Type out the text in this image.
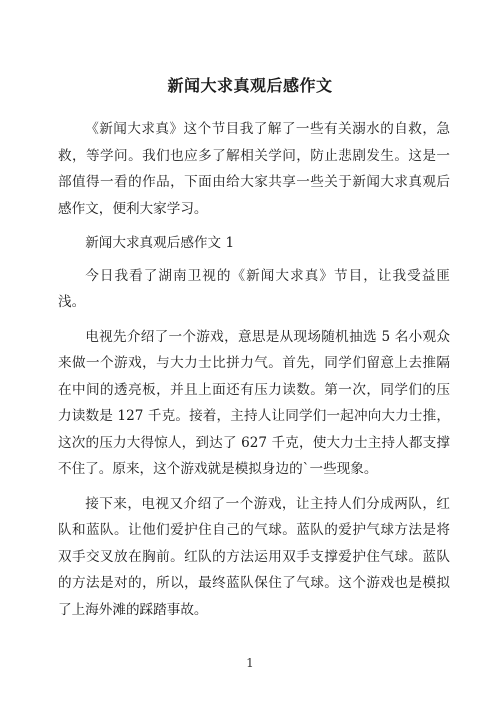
新闻大求真观后感作文

《新闻大求真》这个节目我了解了一些有关溺水的自救，急救，等学问。我们也应多了解相关学问，防止悲剧发生。这是一部值得一看的作品，下面由给大家共享一些关于新闻大求真观后感作文，便利大家学习。

新闻大求真观后感作文 1

今日我看了湖南卫视的《新闻大求真》节目，让我受益匪浅。

电视先介绍了一个游戏，意思是从现场随机抽选 5 名小观众来做一个游戏，与大力士比拼力气。首先，同学们留意上去推隔在中间的透亮板，并且上面还有压力读数。第一次，同学们的压力读数是 127 千克。接着，主持人让同学们一起冲向大力士推，这次的压力大得惊人，到达了 627 千克，使大力士主持人都支撑不住了。原来，这个游戏就是模拟身边的`一些现象。

接下来，电视又介绍了一个游戏，让主持人们分成两队，红队和蓝队。让他们爱护住自己的气球。蓝队的爱护气球方法是将双手交叉放在胸前。红队的方法运用双手支撑爱护住气球。蓝队的方法是对的，所以，最终蓝队保住了气球。这个游戏也是模拟了上海外滩的踩踏事故。

1
